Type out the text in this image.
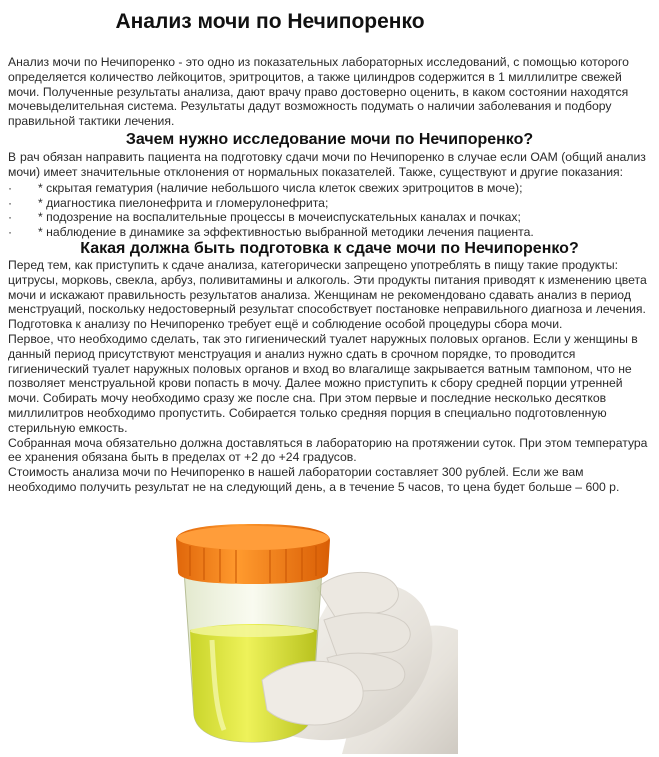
Анализ мочи по Нечипоренко

Анализ мочи по Нечипоренко - это одно из показательных лабораторных исследований, с помощью которого определяется количество лейкоцитов, эритроцитов, а также цилиндров содержится в 1 миллилитре свежей мочи. Полученные результаты анализа, дают врачу право достоверно оценить, в каком состоянии находятся мочевыделительная система. Результаты дадут возможность подумать о наличии заболевания и подбору правильной тактики лечения.

Зачем нужно исследование мочи по Нечипоренко?

В рач обязан направить пациента на подготовку сдачи мочи по Нечипоренко в случае если ОАМ (общий анализ мочи) имеет значительные отклонения от нормальных показателей. Также, существуют и другие показания:

· * скрытая гематурия (наличие небольшого числа клеток свежих эритроцитов в моче);
· * диагностика пиелонефрита и гломерулонефрита;
· * подозрение на воспалительные процессы в мочеиспускательных каналах и почках;
· * наблюдение в динамике за эффективностью выбранной методики лечения пациента.
Какая должна быть подготовка к сдаче мочи по Нечипоренко?
Перед тем, как приступить к сдаче анализа, категорически запрещено употреблять в пищу такие продукты: цитрусы, морковь, свекла, арбуз, поливитамины и алкоголь. Эти продукты питания приводят к изменению цвета мочи и искажают правильность результатов анализа. Женщинам не рекомендовано сдавать анализ в период менструаций, поскольку недостоверный результат способствует постановке неправильного диагноза и лечения.
Подготовка к анализу по Нечипоренко требует ещё и соблюдение особой процедуры сбора мочи.
Первое, что необходимо сделать, так это гигиенический туалет наружных половых органов. Если у женщины в данный период присутствуют менструация и анализ нужно сдать в срочном порядке, то проводится гигиенический туалет наружных половых органов и вход во влагалище закрывается ватным тампоном, что не позволяет менструальной крови попасть в мочу. Далее можно приступить к сбору средней порции утренней мочи. Собирать мочу необходимо сразу же после сна. При этом первые и последние несколько десятков миллилитров необходимо пропустить. Собирается только средняя порция в специально подготовленную стерильную емкость.
Собранная моча обязательно должна доставляться в лабораторию на протяжении суток. При этом температура ее хранения обязана быть в пределах от +2 до +24 градусов.
Стоимость анализа мочи по Нечипоренко в нашей лаборатории составляет 300 рублей. Если же вам необходимо получить результат не на следующий день, а в течение 5 часов, то цена будет больше – 600 р.
